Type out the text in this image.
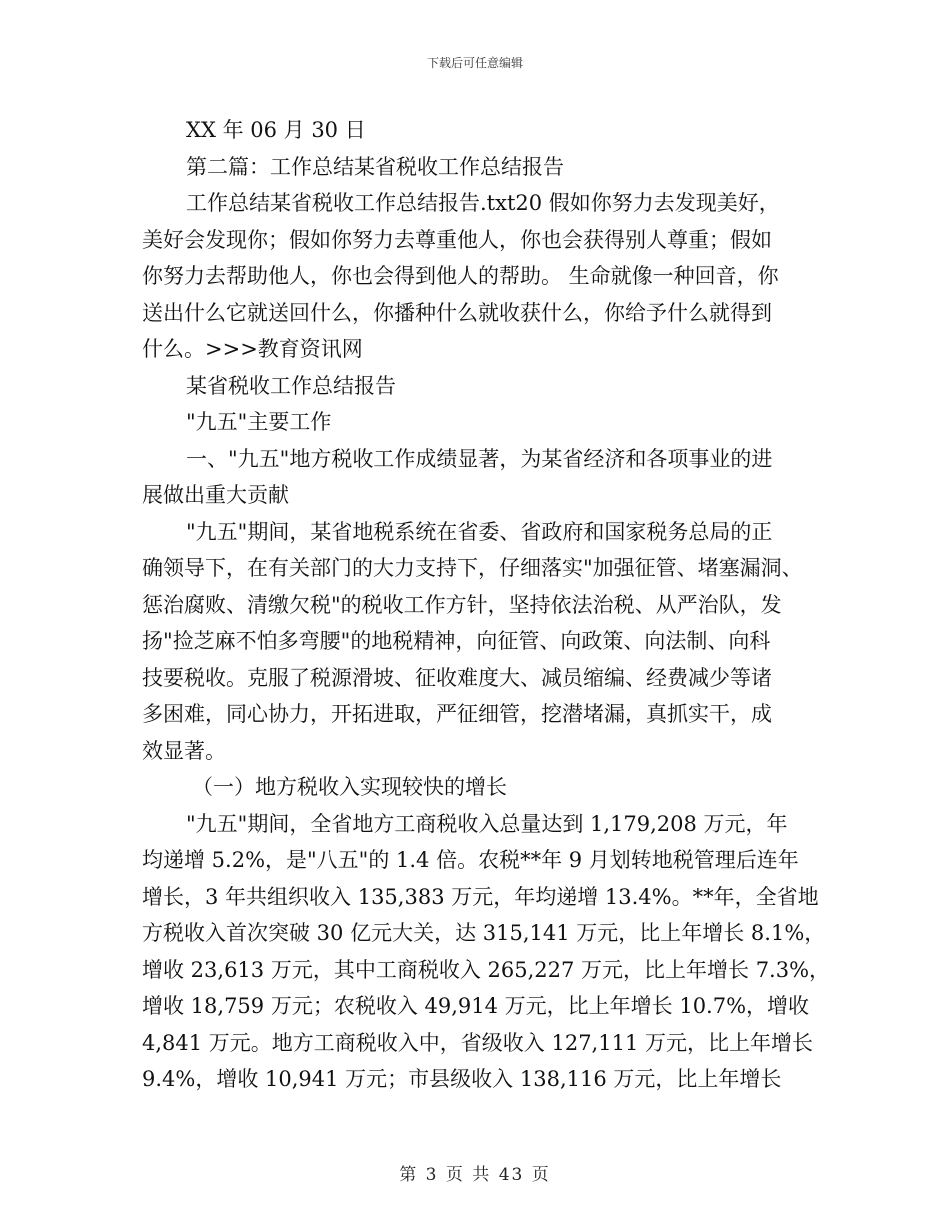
下载后可任意编辑

XX 年 06 月 30 日

第二篇：工作总结某省税收工作总结报告

工作总结某省税收工作总结报告.txt20 假如你努力去发现美好，

美好会发现你；假如你努力去尊重他人，你也会获得别人尊重；假如

你努力去帮助他人，你也会得到他人的帮助。 生命就像一种回音，你

送出什么它就送回什么，你播种什么就收获什么，你给予什么就得到

什么。>>>教育资讯网

某省税收工作总结报告

"九五"主要工作

一、"九五"地方税收工作成绩显著，为某省经济和各项事业的进

展做出重大贡献

"九五"期间，某省地税系统在省委、省政府和国家税务总局的正

确领导下，在有关部门的大力支持下，仔细落实"加强征管、堵塞漏洞、

惩治腐败、清缴欠税"的税收工作方针，坚持依法治税、从严治队，发

扬"捡芝麻不怕多弯腰"的地税精神，向征管、向政策、向法制、向科

技要税收。克服了税源滑坡、征收难度大、减员缩编、经费减少等诸

多困难，同心协力，开拓进取，严征细管，挖潜堵漏，真抓实干，成

效显著。

（一）地方税收入实现较快的增长

"九五"期间，全省地方工商税收入总量达到 1,179,208 万元，年

均递增 5.2%，是"八五"的 1.4 倍。农税**年 9 月划转地税管理后连年

增长，3 年共组织收入 135,383 万元，年均递增 13.4%。**年，全省地

方税收入首次突破 30 亿元大关，达 315,141 万元，比上年增长 8.1%，

增收 23,613 万元，其中工商税收入 265,227 万元，比上年增长 7.3%，

增收 18,759 万元；农税收入 49,914 万元，比上年增长 10.7%，增收

4,841 万元。地方工商税收入中，省级收入 127,111 万元，比上年增长

9.4%，增收 10,941 万元；市县级收入 138,116 万元，比上年增长

第 3 页 共 43 页
